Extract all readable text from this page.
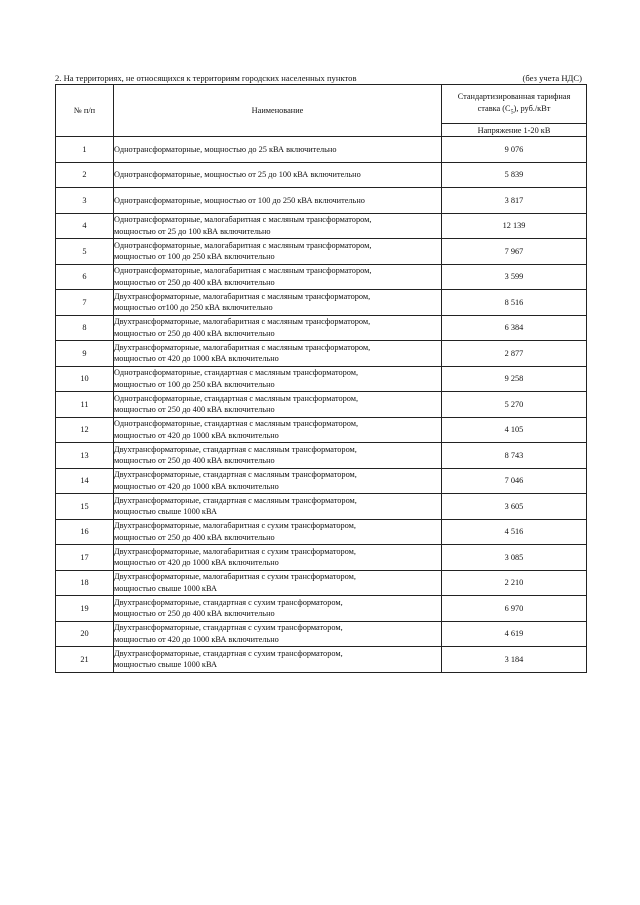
2. На территориях, не относящихся к территориям городских населенных пунктов	(без учета НДС)
№ п/п	Наименование	Стандартизированная тарифная
ставка $(С_5)$, руб./кВт

		Напряжение 1-20 кВ

1	Однотрансформаторные, мощностью до 25 кВА включительно	9 076
2	Однотрансформаторные, мощностью от 25 до 100 кВА включительно	5 839
3	Однотрансформаторные, мощностью от 100 до 250 кВА включительно	3 817
4	Однотрансформаторные, малогабаритная с масляным трансформатором,
мощностью от 25 до 100 кВА включительно	12 139
5	Однотрансформаторные, малогабаритная с масляным трансформатором,
мощностью от 100 до 250 кВА включительно	7 967
6	Однотрансформаторные, малогабаритная с масляным трансформатором,
мощностью от 250 до 400 кВА включительно	3 599
7	Двухтрансформаторные, малогабаритная с масляным трансформатором,
мощностью от100 до 250 кВА включительно	8 516
8	Двухтрансформаторные, малогабаритная с масляным трансформатором,
мощностью от 250 до 400 кВА включительно	6 384
9	Двухтрансформаторные, малогабаритная с масляным трансформатором,
мощностью от 420 до 1000 кВА включительно	2 877
10	Однотрансформаторные, стандартная с масляным трансформатором,
мощностью от 100 до 250 кВА включительно	9 258
11	Однотрансформаторные, стандартная с масляным трансформатором,
мощностью от 250 до 400 кВА включительно	5 270
12	Однотрансформаторные, стандартная с масляным трансформатором,
мощностью от 420 до 1000 кВА включительно	4 105
13	Двухтрансформаторные, стандартная с масляным трансформатором,
мощностью от 250 до 400 кВА включительно	8 743
14	Двухтрансформаторные, стандартная с масляным трансформатором,
мощностью от 420 до 1000 кВА включительно	7 046
15	Двухтрансформаторные, стандартная с масляным трансформатором,
мощностью свыше 1000 кВА	3 605
16	Двухтрансформаторные, малогабаритная с сухим трансформатором,
мощностью от 250 до 400 кВА включительно	4 516
17	Двухтрансформаторные, малогабаритная с сухим трансформатором,
мощностью от 420 до 1000 кВА включительно	3 085
18	Двухтрансформаторные, малогабаритная с сухим трансформатором,
мощностью свыше 1000 кВА	2 210
19	Двухтрансформаторные, стандартная с сухим трансформатором,
мощностью от 250 до 400 кВА включительно	6 970
20	Двухтрансформаторные, стандартная с сухим трансформатором,
мощностью от 420 до 1000 кВА включительно	4 619
21	Двухтрансформаторные, стандартная с сухим трансформатором,
мощностью свыше 1000 кВА	3 184
